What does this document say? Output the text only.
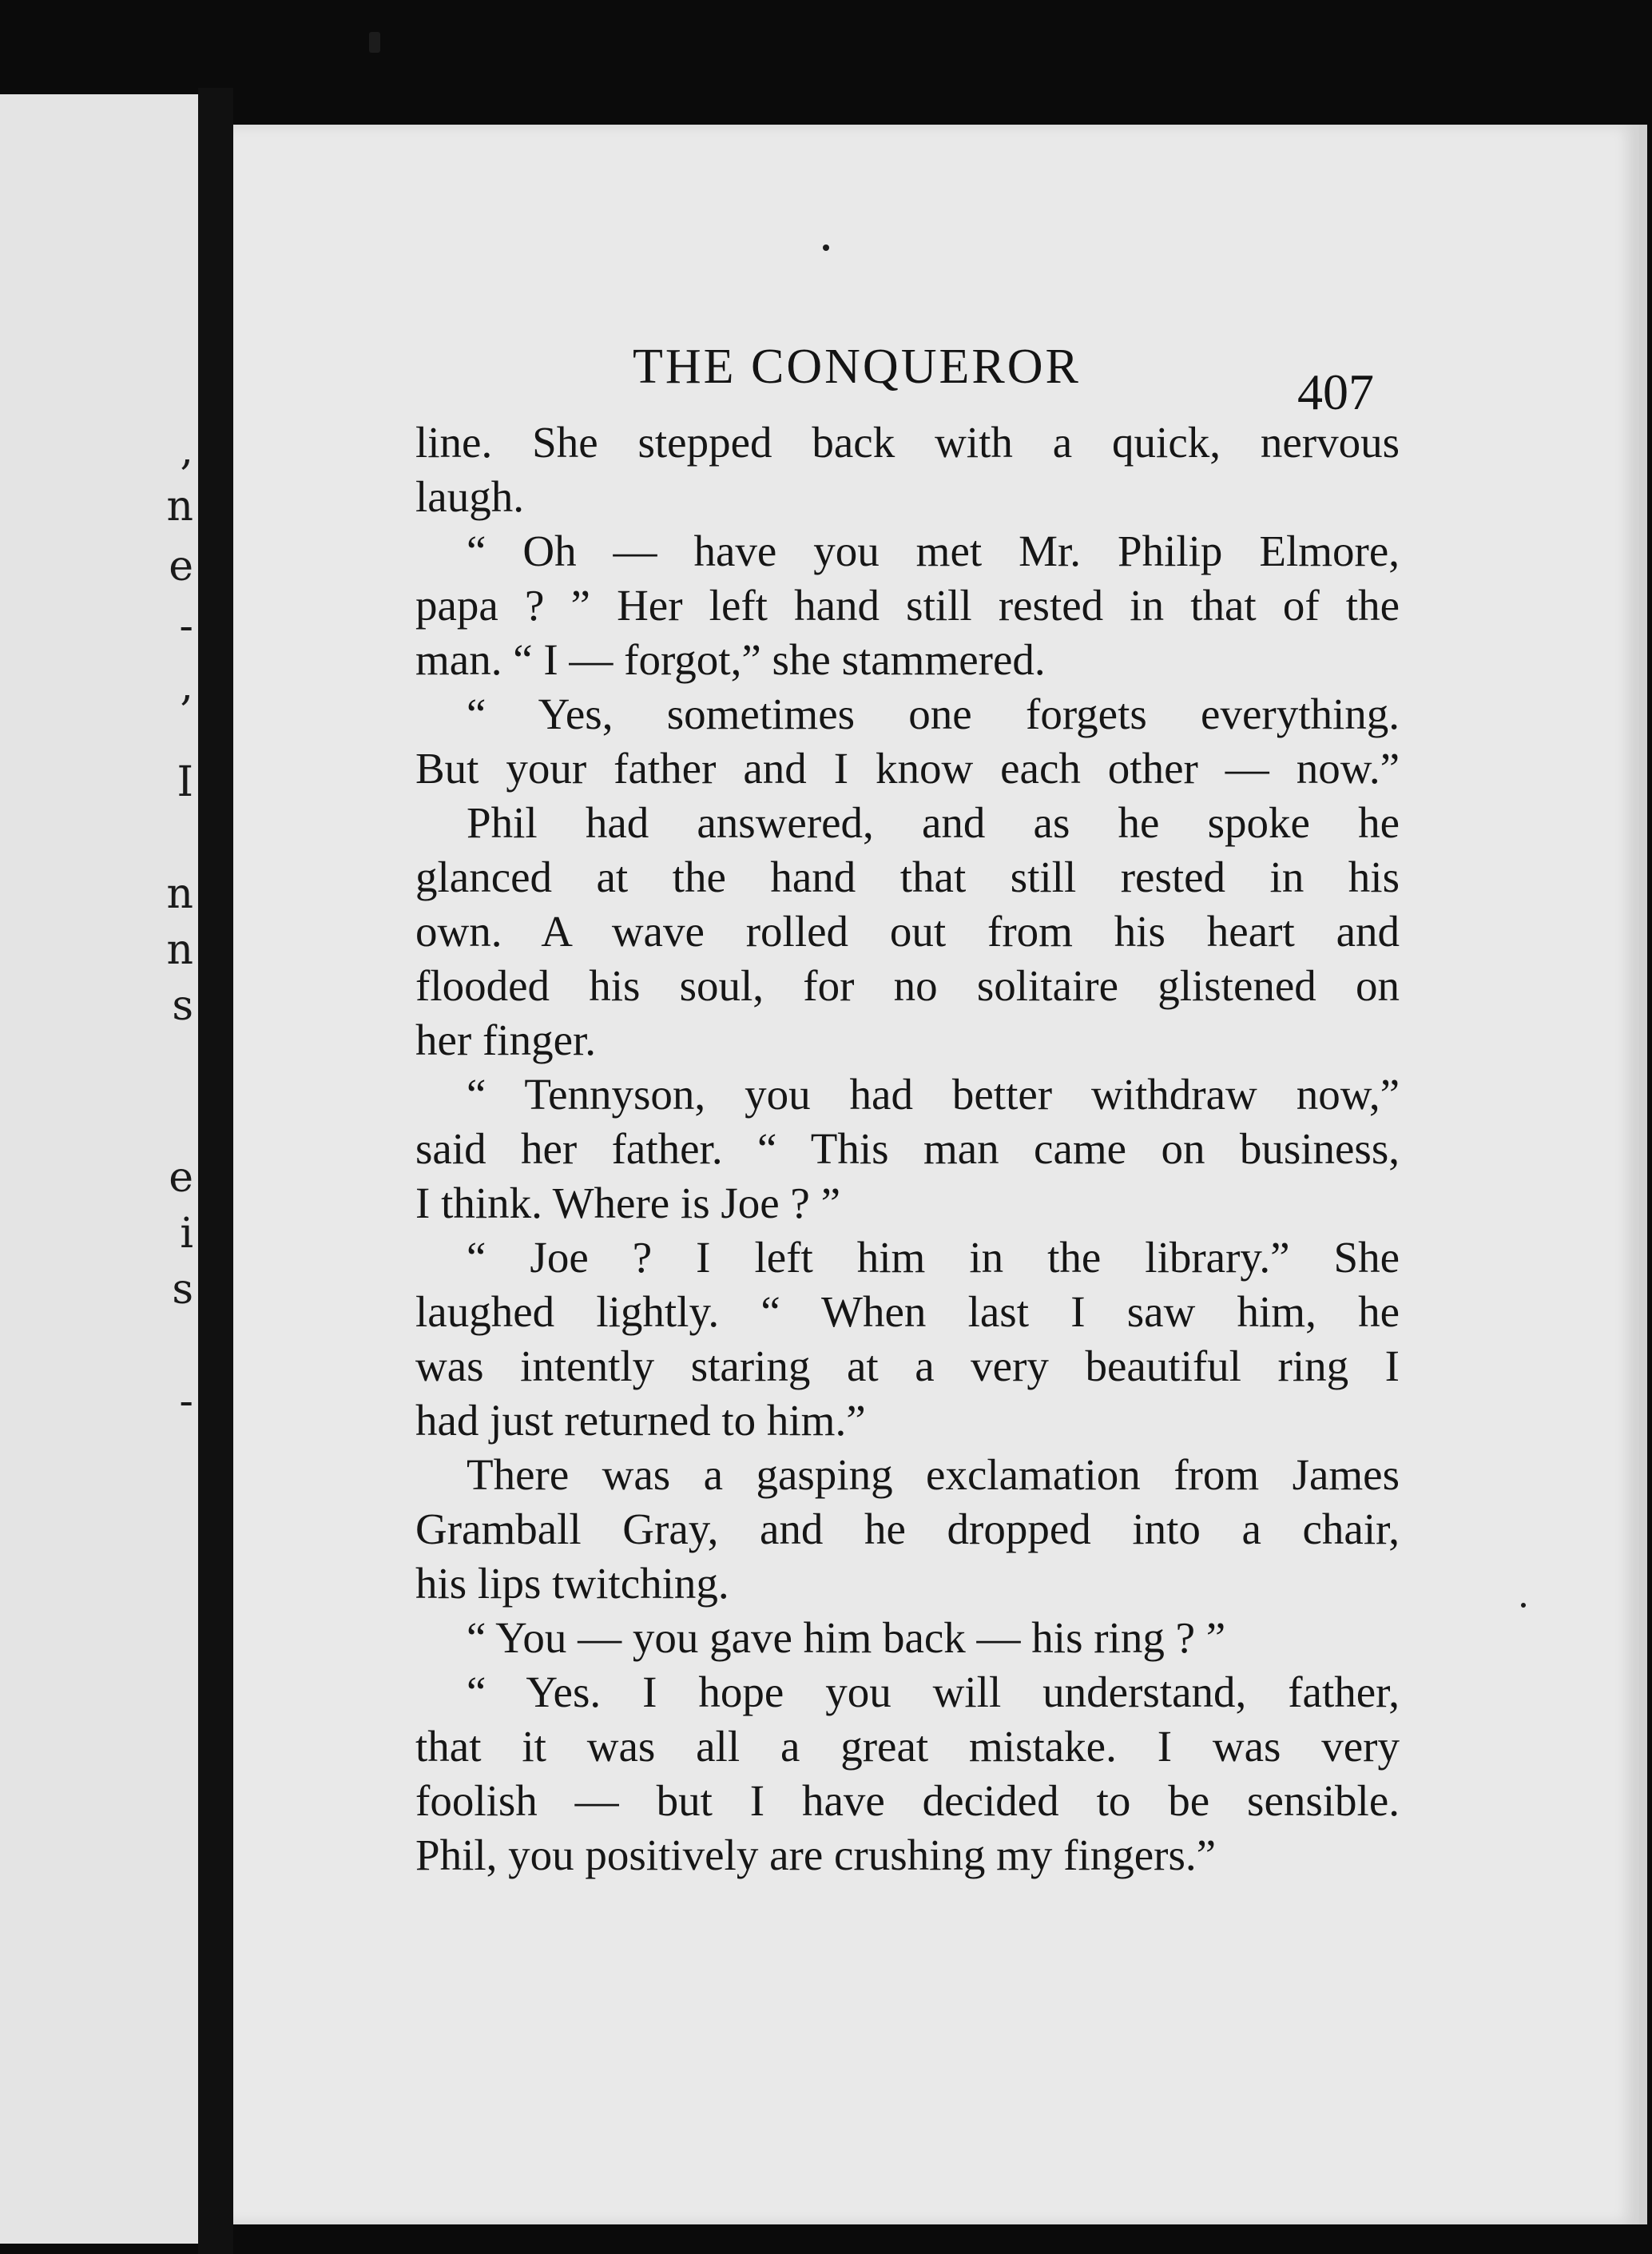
,
n
e
-
,
I
n
n
s
e
i
s
-
THE CONQUEROR	407
line. She stepped back with a quick, nervous
laugh.
“ Oh — have you met Mr. Philip Elmore,
papa ? ” Her left hand still rested in that of the
man. “ I — forgot,” she stammered.
“ Yes, sometimes one forgets everything.
But your father and I know each other — now.”
Phil had answered, and as he spoke he
glanced at the hand that still rested in his
own. A wave rolled out from his heart and
flooded his soul, for no solitaire glistened on
her finger.
“ Tennyson, you had better withdraw now,”
said her father. “ This man came on business,
I think. Where is Joe ? ”
“ Joe ? I left him in the library.” She
laughed lightly. “ When last I saw him, he
was intently staring at a very beautiful ring I
had just returned to him.”
There was a gasping exclamation from James
Gramball Gray, and he dropped into a chair,
his lips twitching.
“ You — you gave him back — his ring ? ”
“ Yes. I hope you will understand, father,
that it was all a great mistake. I was very
foolish — but I have decided to be sensible.
Phil, you positively are crushing my fingers.”
